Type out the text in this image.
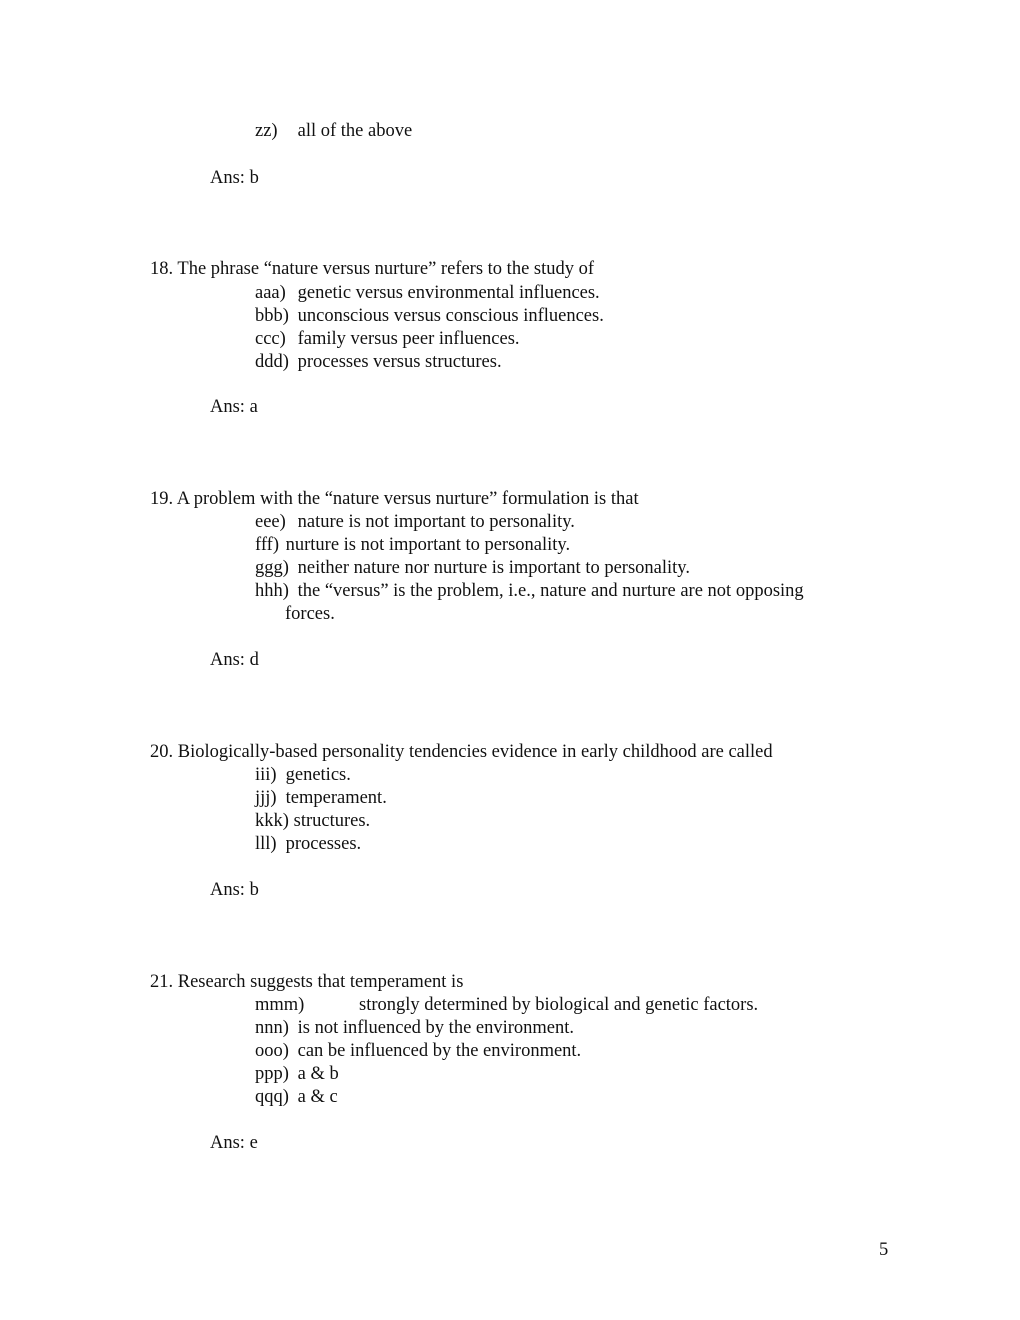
zz) all of the above
Ans: b
18. The phrase “nature versus nurture” refers to the study of
aaa) genetic versus environmental influences.
bbb) unconscious versus conscious influences.
ccc) family versus peer influences.
ddd) processes versus structures.
Ans: a
19. A problem with the “nature versus nurture” formulation is that
eee) nature is not important to personality.
fff) nurture is not important to personality.
ggg) neither nature nor nurture is important to personality.
hhh) the “versus” is the problem, i.e., nature and nurture are not opposing
forces.
Ans: d
20. Biologically-based personality tendencies evidence in early childhood are called
iii) genetics.
jjj) temperament.
kkk) structures.
lll) processes.
Ans: b
21. Research suggests that temperament is
mmm)	strongly determined by biological and genetic factors.
nnn) is not influenced by the environment.
ooo) can be influenced by the environment.
ppp) a & b
qqq) a & c
Ans: e
5
